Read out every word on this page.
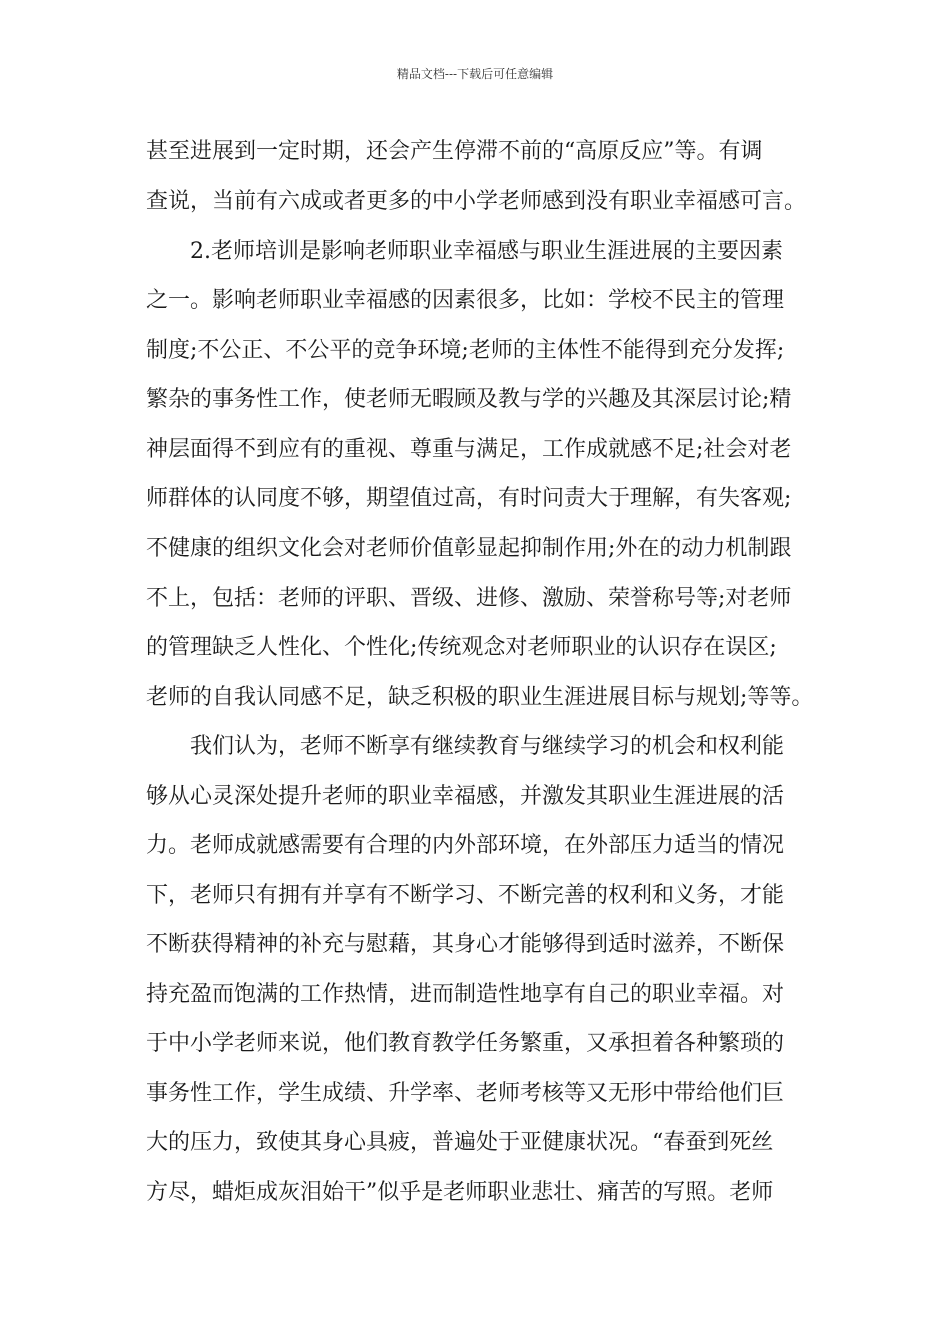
精品文档---下载后可任意编辑
甚至进展到一定时期，还会产生停滞不前的“高原反应”等。有调
查说，当前有六成或者更多的中小学老师感到没有职业幸福感可言。
2.老师培训是影响老师职业幸福感与职业生涯进展的主要因素
之一。影响老师职业幸福感的因素很多，比如：学校不民主的管理
制度;不公正、不公平的竞争环境;老师的主体性不能得到充分发挥;
繁杂的事务性工作，使老师无暇顾及教与学的兴趣及其深层讨论;精
神层面得不到应有的重视、尊重与满足，工作成就感不足;社会对老
师群体的认同度不够，期望值过高，有时问责大于理解，有失客观;
不健康的组织文化会对老师价值彰显起抑制作用;外在的动力机制跟
不上，包括：老师的评职、晋级、进修、激励、荣誉称号等;对老师
的管理缺乏人性化、个性化;传统观念对老师职业的认识存在误区;
老师的自我认同感不足，缺乏积极的职业生涯进展目标与规划;等等。
我们认为，老师不断享有继续教育与继续学习的机会和权利能
够从心灵深处提升老师的职业幸福感，并激发其职业生涯进展的活
力。老师成就感需要有合理的内外部环境，在外部压力适当的情况
下，老师只有拥有并享有不断学习、不断完善的权利和义务，才能
不断获得精神的补充与慰藉，其身心才能够得到适时滋养，不断保
持充盈而饱满的工作热情，进而制造性地享有自己的职业幸福。对
于中小学老师来说，他们教育教学任务繁重，又承担着各种繁琐的
事务性工作，学生成绩、升学率、老师考核等又无形中带给他们巨
大的压力，致使其身心具疲，普遍处于亚健康状况。“春蚕到死丝
方尽，蜡炬成灰泪始干”似乎是老师职业悲壮、痛苦的写照。老师
